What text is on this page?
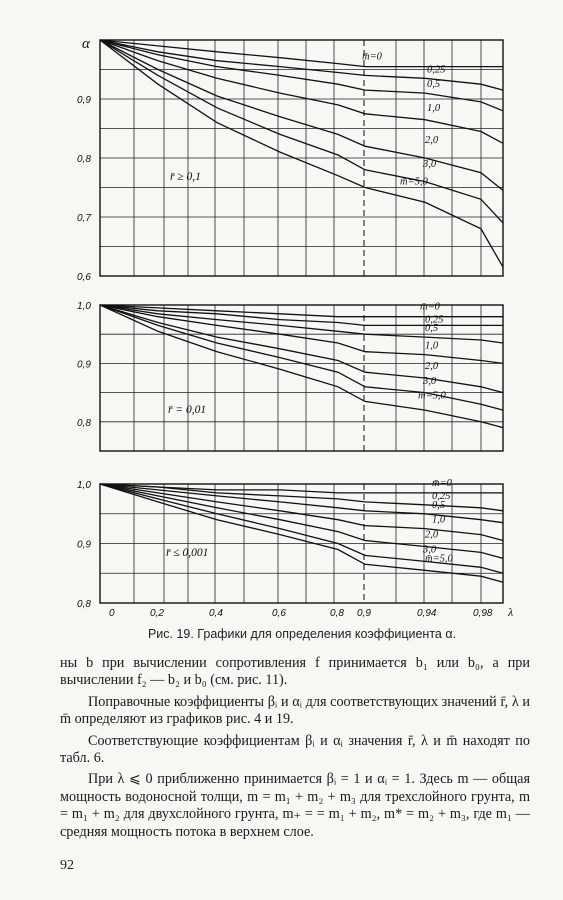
0,9
0,8
0,7
0,6
m̄=0
0,25
0,5
1,0
2,0
3,0
m̄=5,0
r̄ ≥ 0,1
1,0
0,9
0,8
m̄=0
0,25
0,5
1,0
2,0
3,0
m̄=5,0
r̄ = 0,01
1,0
0,9
0,8
m̄=0
0,25
0,5
1,0
2,0
3,0
m̄=5,0
r̄ ≤ 0,001
α
0	0,2	0,4	0,6	0,8 0,9	0,94	0,98 λ
Рис. 19. Графики для определения коэффициента α.

ны b при вычислении сопротивления f принимается b₁ или b₀, а при вычислении f₂ — b₂ и b₀ (см. рис. 11).

Поправочные коэффициенты βᵢ и αᵢ для соответствующих значений r̄, λ и m̄ определяют из графиков рис. 4 и 19.

Соответствующие коэффициентам βᵢ и αᵢ значения r̄, λ и m̄ находят по табл. 6.

При λ ⩽ 0 приближенно принимается βᵢ = 1 и αᵢ = 1. Здесь m — общая мощность водоносной толщи, m = m₁ + m₂ + m₃ для трехслойного грунта, m = m₁ + m₂ для двухслойного грунта, m₊ = = m₁ + m₂, m* = m₂ + m₃, где m₁ — средняя мощность потока в верхнем слое.

92
